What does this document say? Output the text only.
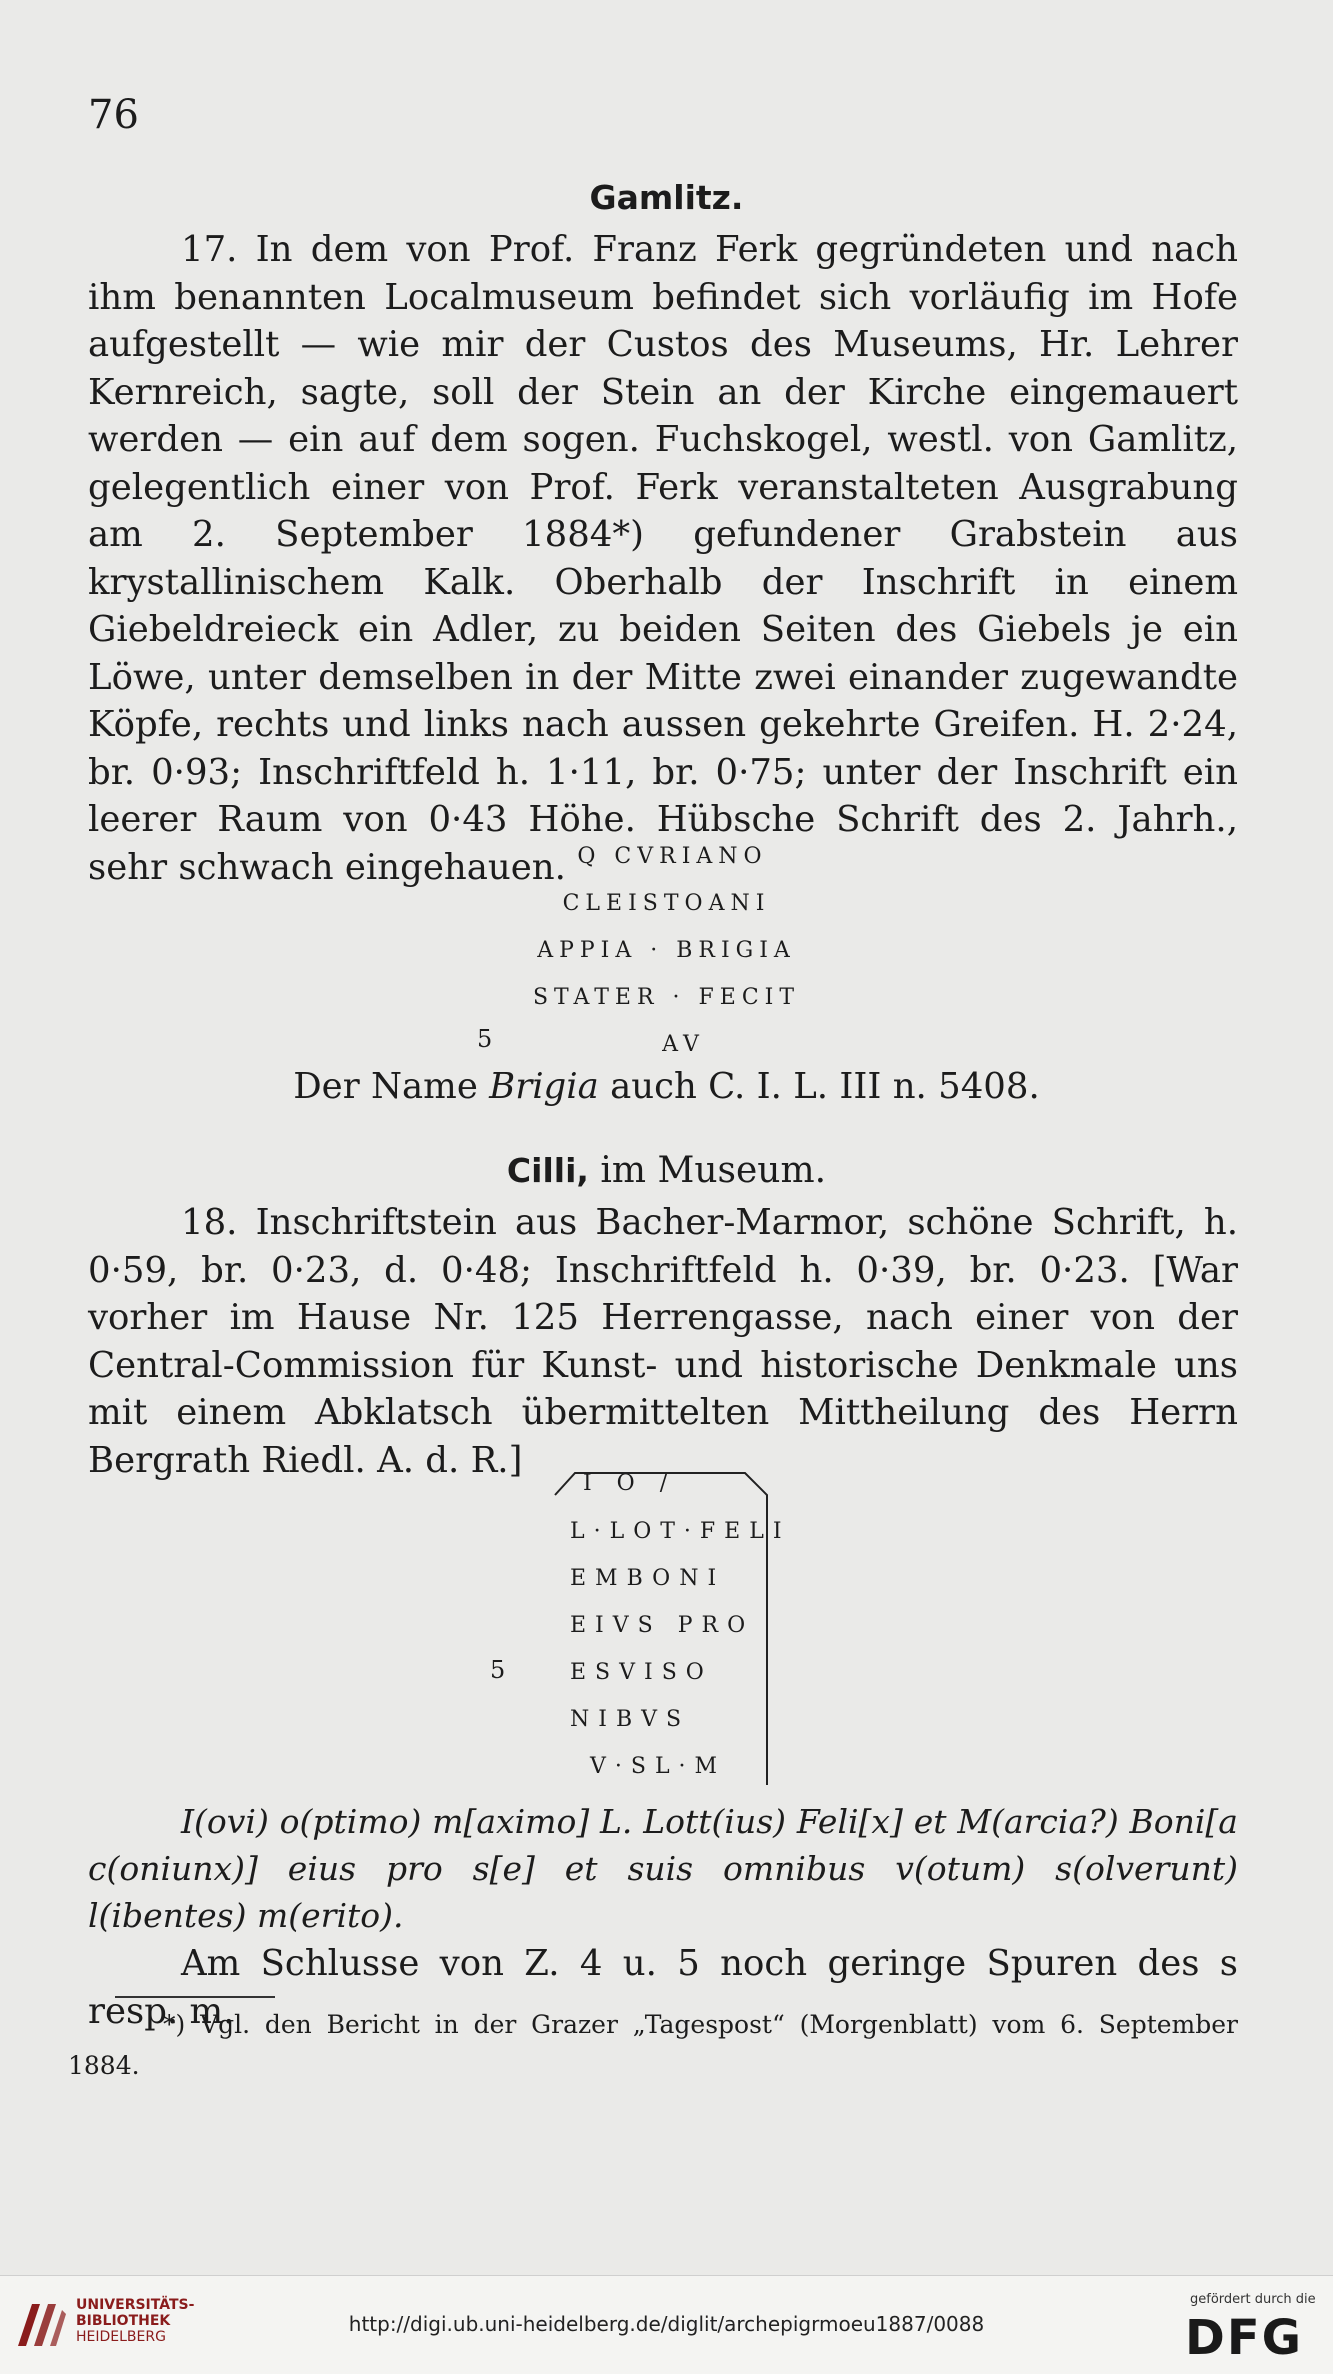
76
Gamlitz.

17. In dem von Prof. Franz Ferk gegründeten und nach ihm benannten Localmuseum befindet sich vorläufig im Hofe aufgestellt — wie mir der Custos des Museums, Hr. Lehrer Kernreich, sagte, soll der Stein an der Kirche eingemauert werden — ein auf dem sogen. Fuchskogel, westl. von Gamlitz, gelegentlich einer von Prof. Ferk veranstalteten Ausgrabung am 2. September 1884*) gefundener Grabstein aus krystallinischem Kalk. Oberhalb der Inschrift in einem Giebeldreieck ein Adler, zu beiden Seiten des Giebels je ein Löwe, unter demselben in der Mitte zwei einander zugewandte Köpfe, rechts und links nach aussen gekehrte Greifen. H. 2·24, br. 0·93; Inschriftfeld h. 1·11, br. 0·75; unter der Inschrift ein leerer Raum von 0·43 Höhe. Hübsche Schrift des 2. Jahrh., sehr schwach eingehauen. Q CVRIANO
CLEISTOANI
APPIA · BRIGIA
STATER · FECIT
5	AV
Der Name Brigia auch C. I. L. III n. 5408.
Cilli, im Museum.

18. Inschriftstein aus Bacher-Marmor, schöne Schrift, h. 0·59, br. 0·23, d. 0·48; Inschriftfeld h. 0·39, br. 0·23. [War vorher im Hause Nr. 125 Herrengasse, nach einer von der Central-Commission für Kunst- und historische Denkmale uns mit einem Abklatsch übermittelten Mittheilung des Herrn Bergrath Riedl. A. d. R.]

I O /
L·LOT·FELI
EMBONI
EIVS PRO
ESVISO
NIBVS
V·SL·M
5

I(ovi) o(ptimo) m[aximo] L. Lott(ius) Feli[x] et M(arcia?) Boni[a c(oniunx)] eius pro s[e] et suis omnibus v(otum) s(olverunt) l(ibentes) m(erito).

Am Schlusse von Z. 4 u. 5 noch geringe Spuren des s resp. m.

*) Vgl. den Bericht in der Grazer „Tagespost“ (Morgenblatt) vom 6. September 1884.

UNIVERSITÄTS-
BIBLIOTHEK
HEIDELBERG
http://digi.ub.uni-heidelberg.de/diglit/archepigrmoeu1887/0088
gefördert durch die
DFG
